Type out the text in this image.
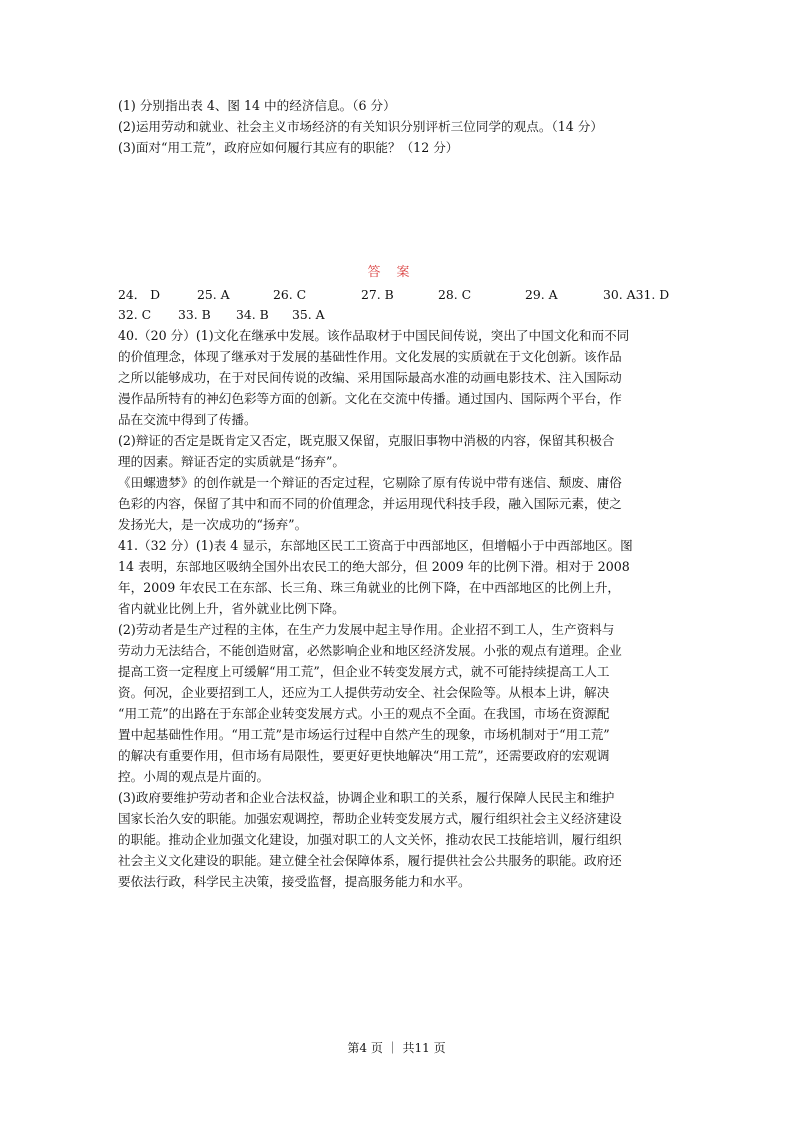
(1) 分别指出表 4、图 14 中的经济信息。（6 分）
(2)运用劳动和就业、社会主义市场经济的有关知识分别评析三位同学的观点。（14 分）
(3)面对“用工荒”，政府应如何履行其应有的职能？（12 分）
答案
24． D	25. A	26. C	27. B	28. C	29. A	30. A31. D
32. C 33. B 34. B 35. A
40.（20 分）(1)文化在继承中发展。该作品取材于中国民间传说，突出了中国文化和而不同
的价值理念，体现了继承对于发展的基础性作用。文化发展的实质就在于文化创新。该作品
之所以能够成功，在于对民间传说的改编、采用国际最高水准的动画电影技术、注入国际动
漫作品所特有的神幻色彩等方面的创新。文化在交流中传播。通过国内、国际两个平台，作
品在交流中得到了传播。
(2)辩证的否定是既肯定又否定，既克服又保留，克服旧事物中消极的内容，保留其积极合
理的因素。辩证否定的实质就是“扬弃”。
《田螺遗梦》的创作就是一个辩证的否定过程，它剔除了原有传说中带有迷信、颓废、庸俗
色彩的内容，保留了其中和而不同的价值理念，并运用现代科技手段，融入国际元素，使之
发扬光大，是一次成功的“扬弃”。
41.（32 分）(1)表 4 显示，东部地区民工工资高于中西部地区，但增幅小于中西部地区。图
14 表明，东部地区吸纳全国外出农民工的绝大部分，但 2009 年的比例下滑。相对于 2008
年，2009 年农民工在东部、长三角、珠三角就业的比例下降，在中西部地区的比例上升，
省内就业比例上升，省外就业比例下降。
(2)劳动者是生产过程的主体，在生产力发展中起主导作用。企业招不到工人，生产资料与
劳动力无法结合，不能创造财富，必然影响企业和地区经济发展。小张的观点有道理。企业
提高工资一定程度上可缓解“用工荒”，但企业不转变发展方式，就不可能持续提高工人工
资。何况，企业要招到工人，还应为工人提供劳动安全、社会保险等。从根本上讲，解决
“用工荒”的出路在于东部企业转变发展方式。小王的观点不全面。在我国，市场在资源配
置中起基础性作用。“用工荒”是市场运行过程中自然产生的现象，市场机制对于“用工荒”
的解决有重要作用，但市场有局限性，要更好更快地解决“用工荒”，还需要政府的宏观调
控。小周的观点是片面的。
(3)政府要维护劳动者和企业合法权益，协调企业和职工的关系，履行保障人民民主和维护
国家长治久安的职能。加强宏观调控，帮助企业转变发展方式，履行组织社会主义经济建设
的职能。推动企业加强文化建设，加强对职工的人文关怀，推动农民工技能培训，履行组织
社会主义文化建设的职能。建立健全社会保障体系，履行提供社会公共服务的职能。政府还
要依法行政，科学民主决策，接受监督，提高服务能力和水平。
第4 页 ｜ 共11 页
